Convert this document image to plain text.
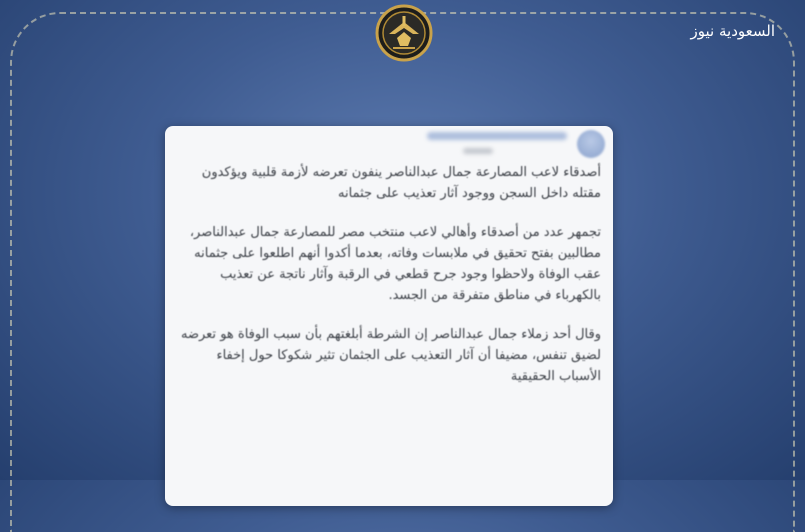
السعودية نيوز

أصدقاء لاعب المصارعة جمال عبدالناصر ينفون تعرضه لأزمة قلبية ويؤكدون مقتله داخل السجن ووجود آثار تعذيب على جثمانه

تجمهر عدد من أصدقاء وأهالي لاعب منتخب مصر للمصارعة جمال عبدالناصر، مطالبين بفتح تحقيق في ملابسات وفاته، بعدما أكدوا أنهم اطلعوا على جثمانه عقب الوفاة ولاحظوا وجود جرح قطعي في الرقبة وآثار ناتجة عن تعذيب بالكهرباء في مناطق متفرقة من الجسد.

وقال أحد زملاء جمال عبدالناصر إن الشرطة أبلغتهم بأن سبب الوفاة هو تعرضه لضيق تنفس، مضيفا أن آثار التعذيب على الجثمان تثير شكوكا حول إخفاء الأسباب الحقيقية
